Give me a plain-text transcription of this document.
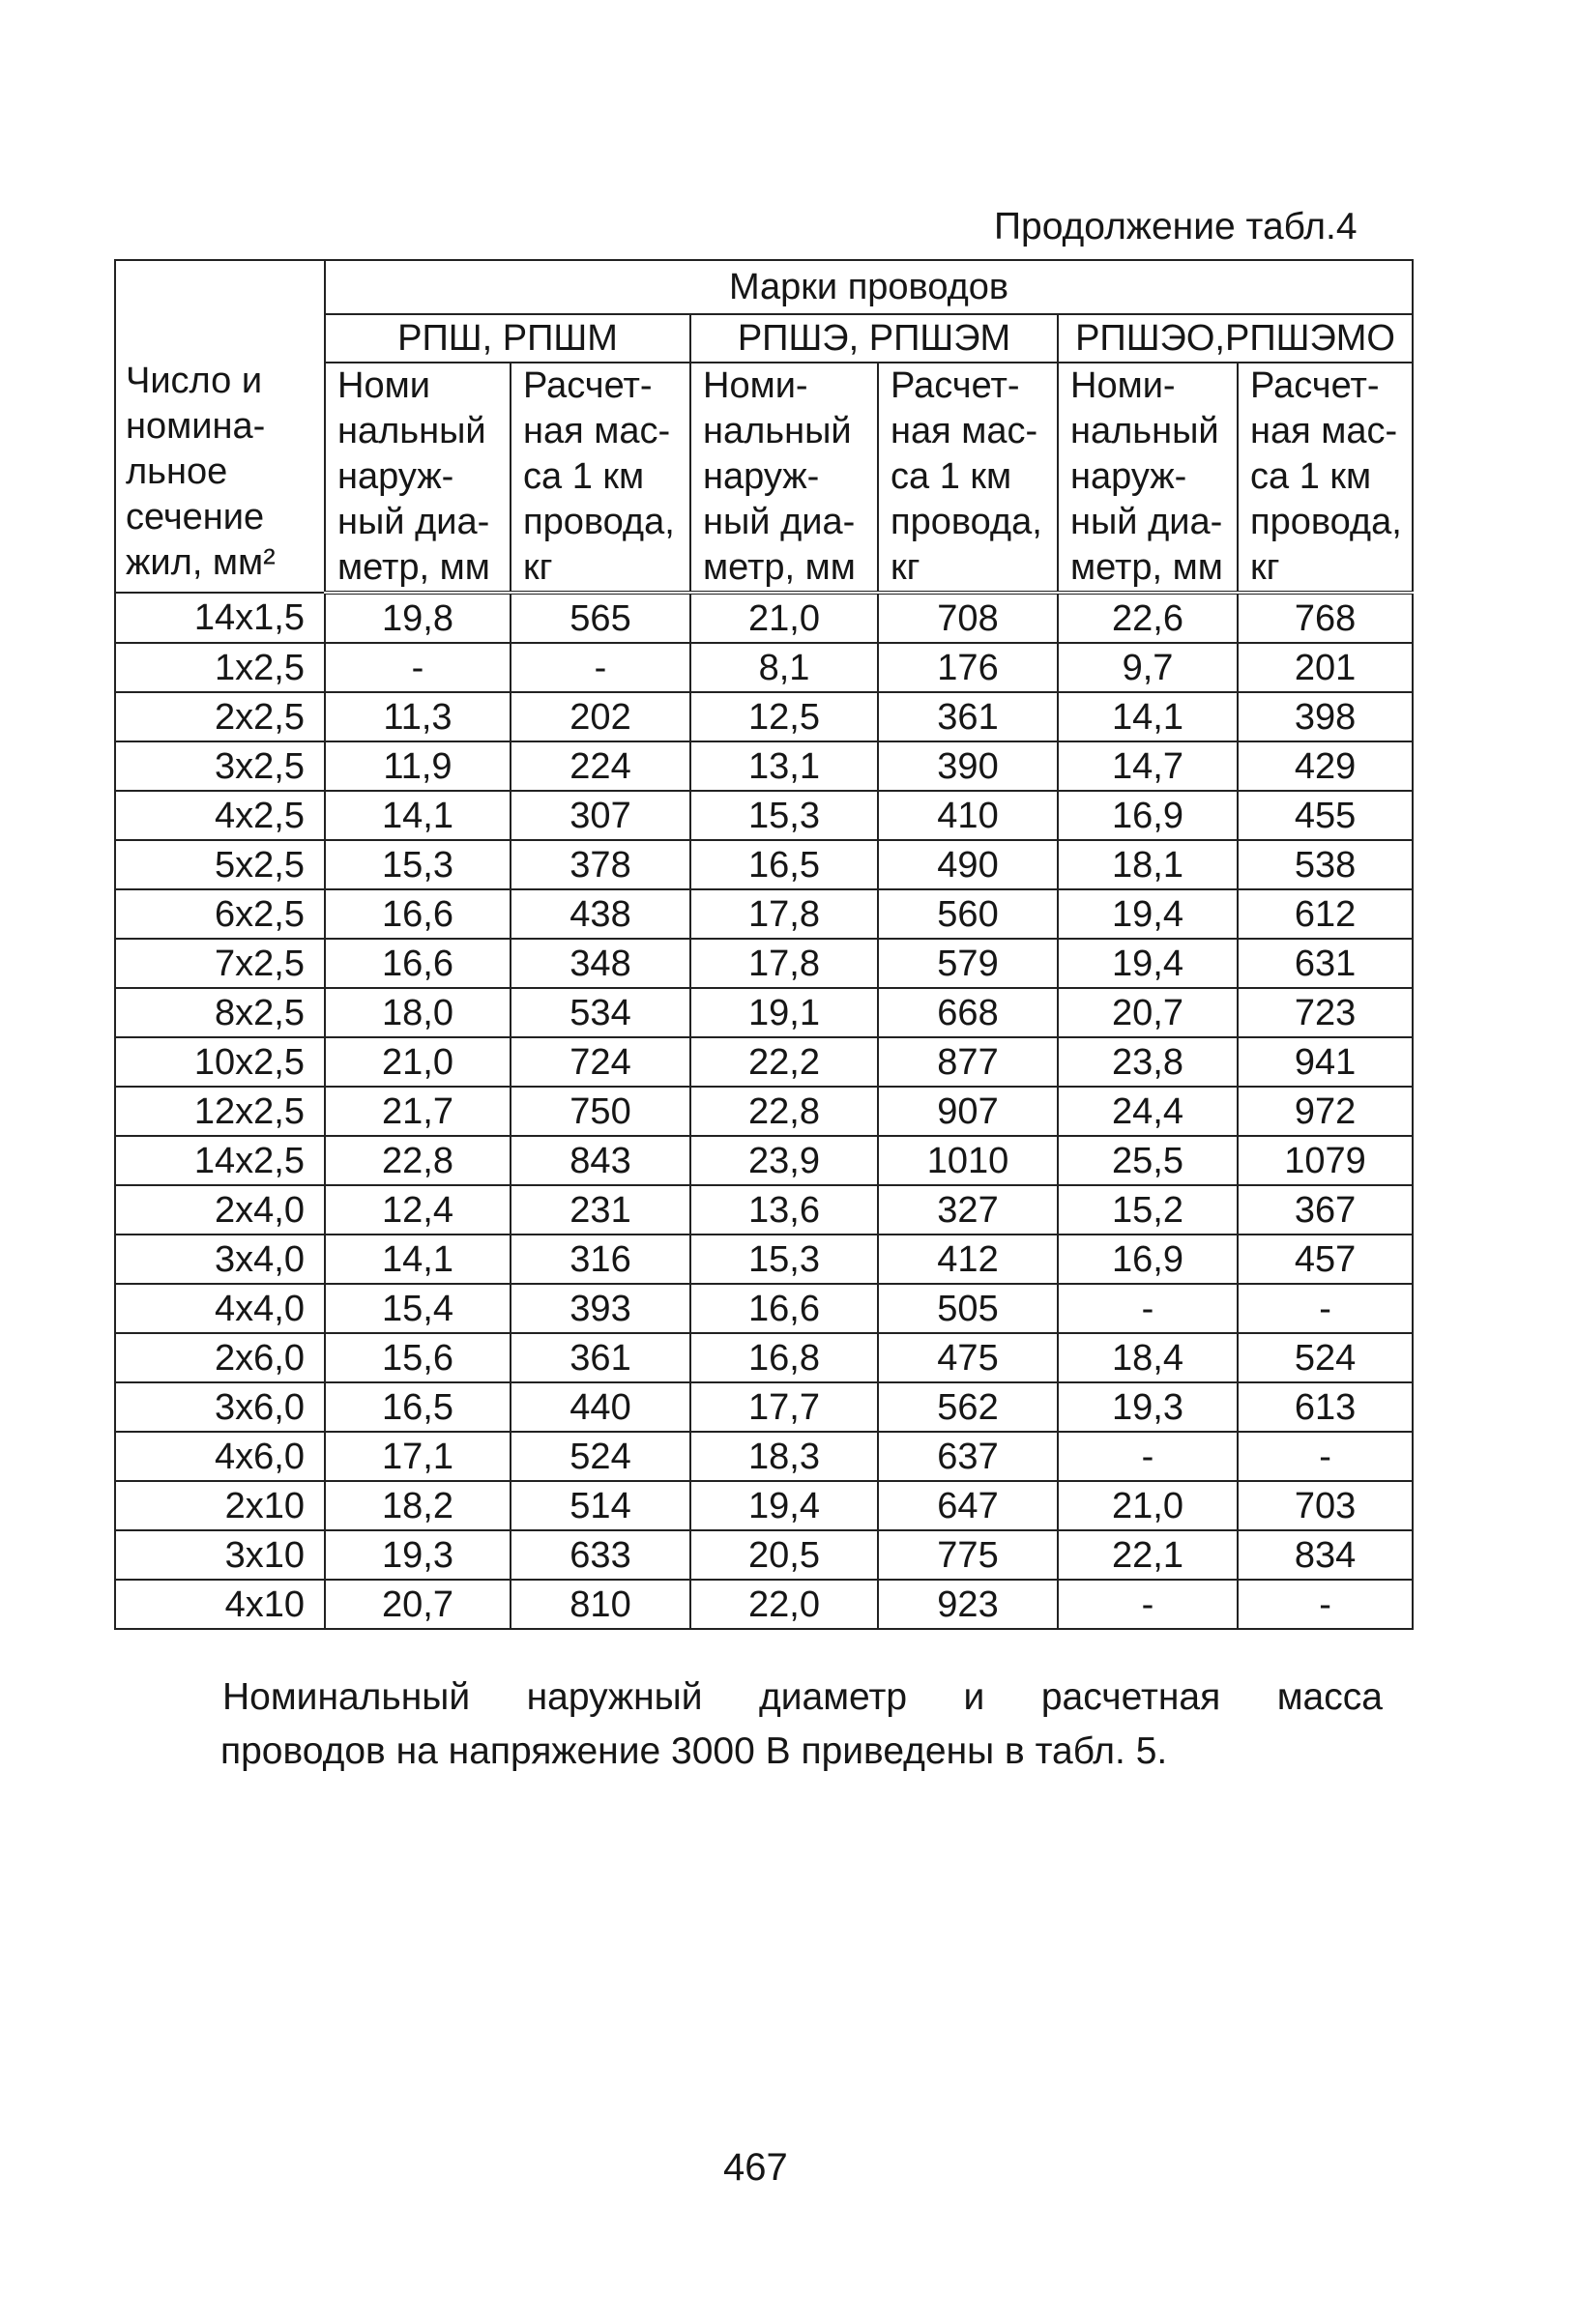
Продолжение табл.4
Число и
номина-
льное
сечение
жил, мм²	Марки проводов					
	РПШ, РПШМ		РПШЭ, РПШЭМ		РПШЭО,РПШЭМО	

	Номи
нальный
наруж-
ный диа-
метр, мм	Расчет-
ная мас-
са 1 км
провода,
кг	Номи-
нальный
наруж-
ный диа-
метр, мм	Расчет-
ная мас-
са 1 км
провода,
кг	Номи-
нальный
наруж-
ный диа-
метр, мм	Расчет-
ная мас-
са 1 км
провода,
кг

14x1,5	19,8	565	21,0	708	22,6	768
1x2,5	-	-	8,1	176	9,7	201
2x2,5	11,3	202	12,5	361	14,1	398
3x2,5	11,9	224	13,1	390	14,7	429
4x2,5	14,1	307	15,3	410	16,9	455
5x2,5	15,3	378	16,5	490	18,1	538
6x2,5	16,6	438	17,8	560	19,4	612
7x2,5	16,6	348	17,8	579	19,4	631
8x2,5	18,0	534	19,1	668	20,7	723
10x2,5	21,0	724	22,2	877	23,8	941
12x2,5	21,7	750	22,8	907	24,4	972
14x2,5	22,8	843	23,9	1010	25,5	1079
2x4,0	12,4	231	13,6	327	15,2	367
3x4,0	14,1	316	15,3	412	16,9	457
4x4,0	15,4	393	16,6	505	-	-
2x6,0	15,6	361	16,8	475	18,4	524
3x6,0	16,5	440	17,7	562	19,3	613
4x6,0	17,1	524	18,3	637	-	-
2x10	18,2	514	19,4	647	21,0	703
3x10	19,3	633	20,5	775	22,1	834
4x10	20,7	810	22,0	923	-	-
Номинальный наружный диаметр и расчетная масса
проводов на напряжение 3000 В приведены в табл. 5.
467
